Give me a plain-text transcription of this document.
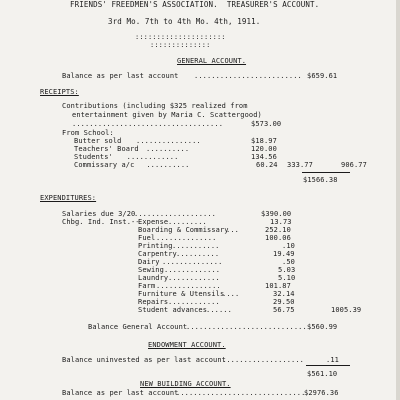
FRIENDS' FREEDMEN'S ASSOCIATION.  TREASURER'S ACCOUNT.
3rd Mo. 7th to 4th Mo. 4th, 1911.
:::::::::::::::::::::
::::::::::::::
GENERAL ACCOUNT.
Balance as per last account ......................... $659.61
RECEIPTS:
Contributions (including $325 realized from
entertainment given by Maria C. Scattergood)
...................................	$573.00
From School:
Butter sold ...............	$18.97
Teachers' Board ..........	120.00
Students' ............	134.56
Commissary a/c ..........	60.24 333.77	906.77
$1566.38
EXPENDITURES:
Salaries due 3/20
...................	$390.00
Chbg. Ind. Inst.--
Expense .........	13.73
Boarding & Commissary
...	252.10
Fuel ..............	100.06
Printing ...........	.10
Carpentry ..........	19.49
Dairy ..............	.50
Sewing .............	5.03
Laundry ............	5.10
Farm ...............	101.87
Furniture & Utensils
....	32.14
Repairs ............	29.50
Student advances
......	56.75	1005.39
Balance General Account
............................ $560.99
ENDOWMENT ACCOUNT.
Balance uninvested as per last account
...................	.11
$561.10
NEW BUILDING ACCOUNT.
Balance as per last account
..............................
$2976.36
